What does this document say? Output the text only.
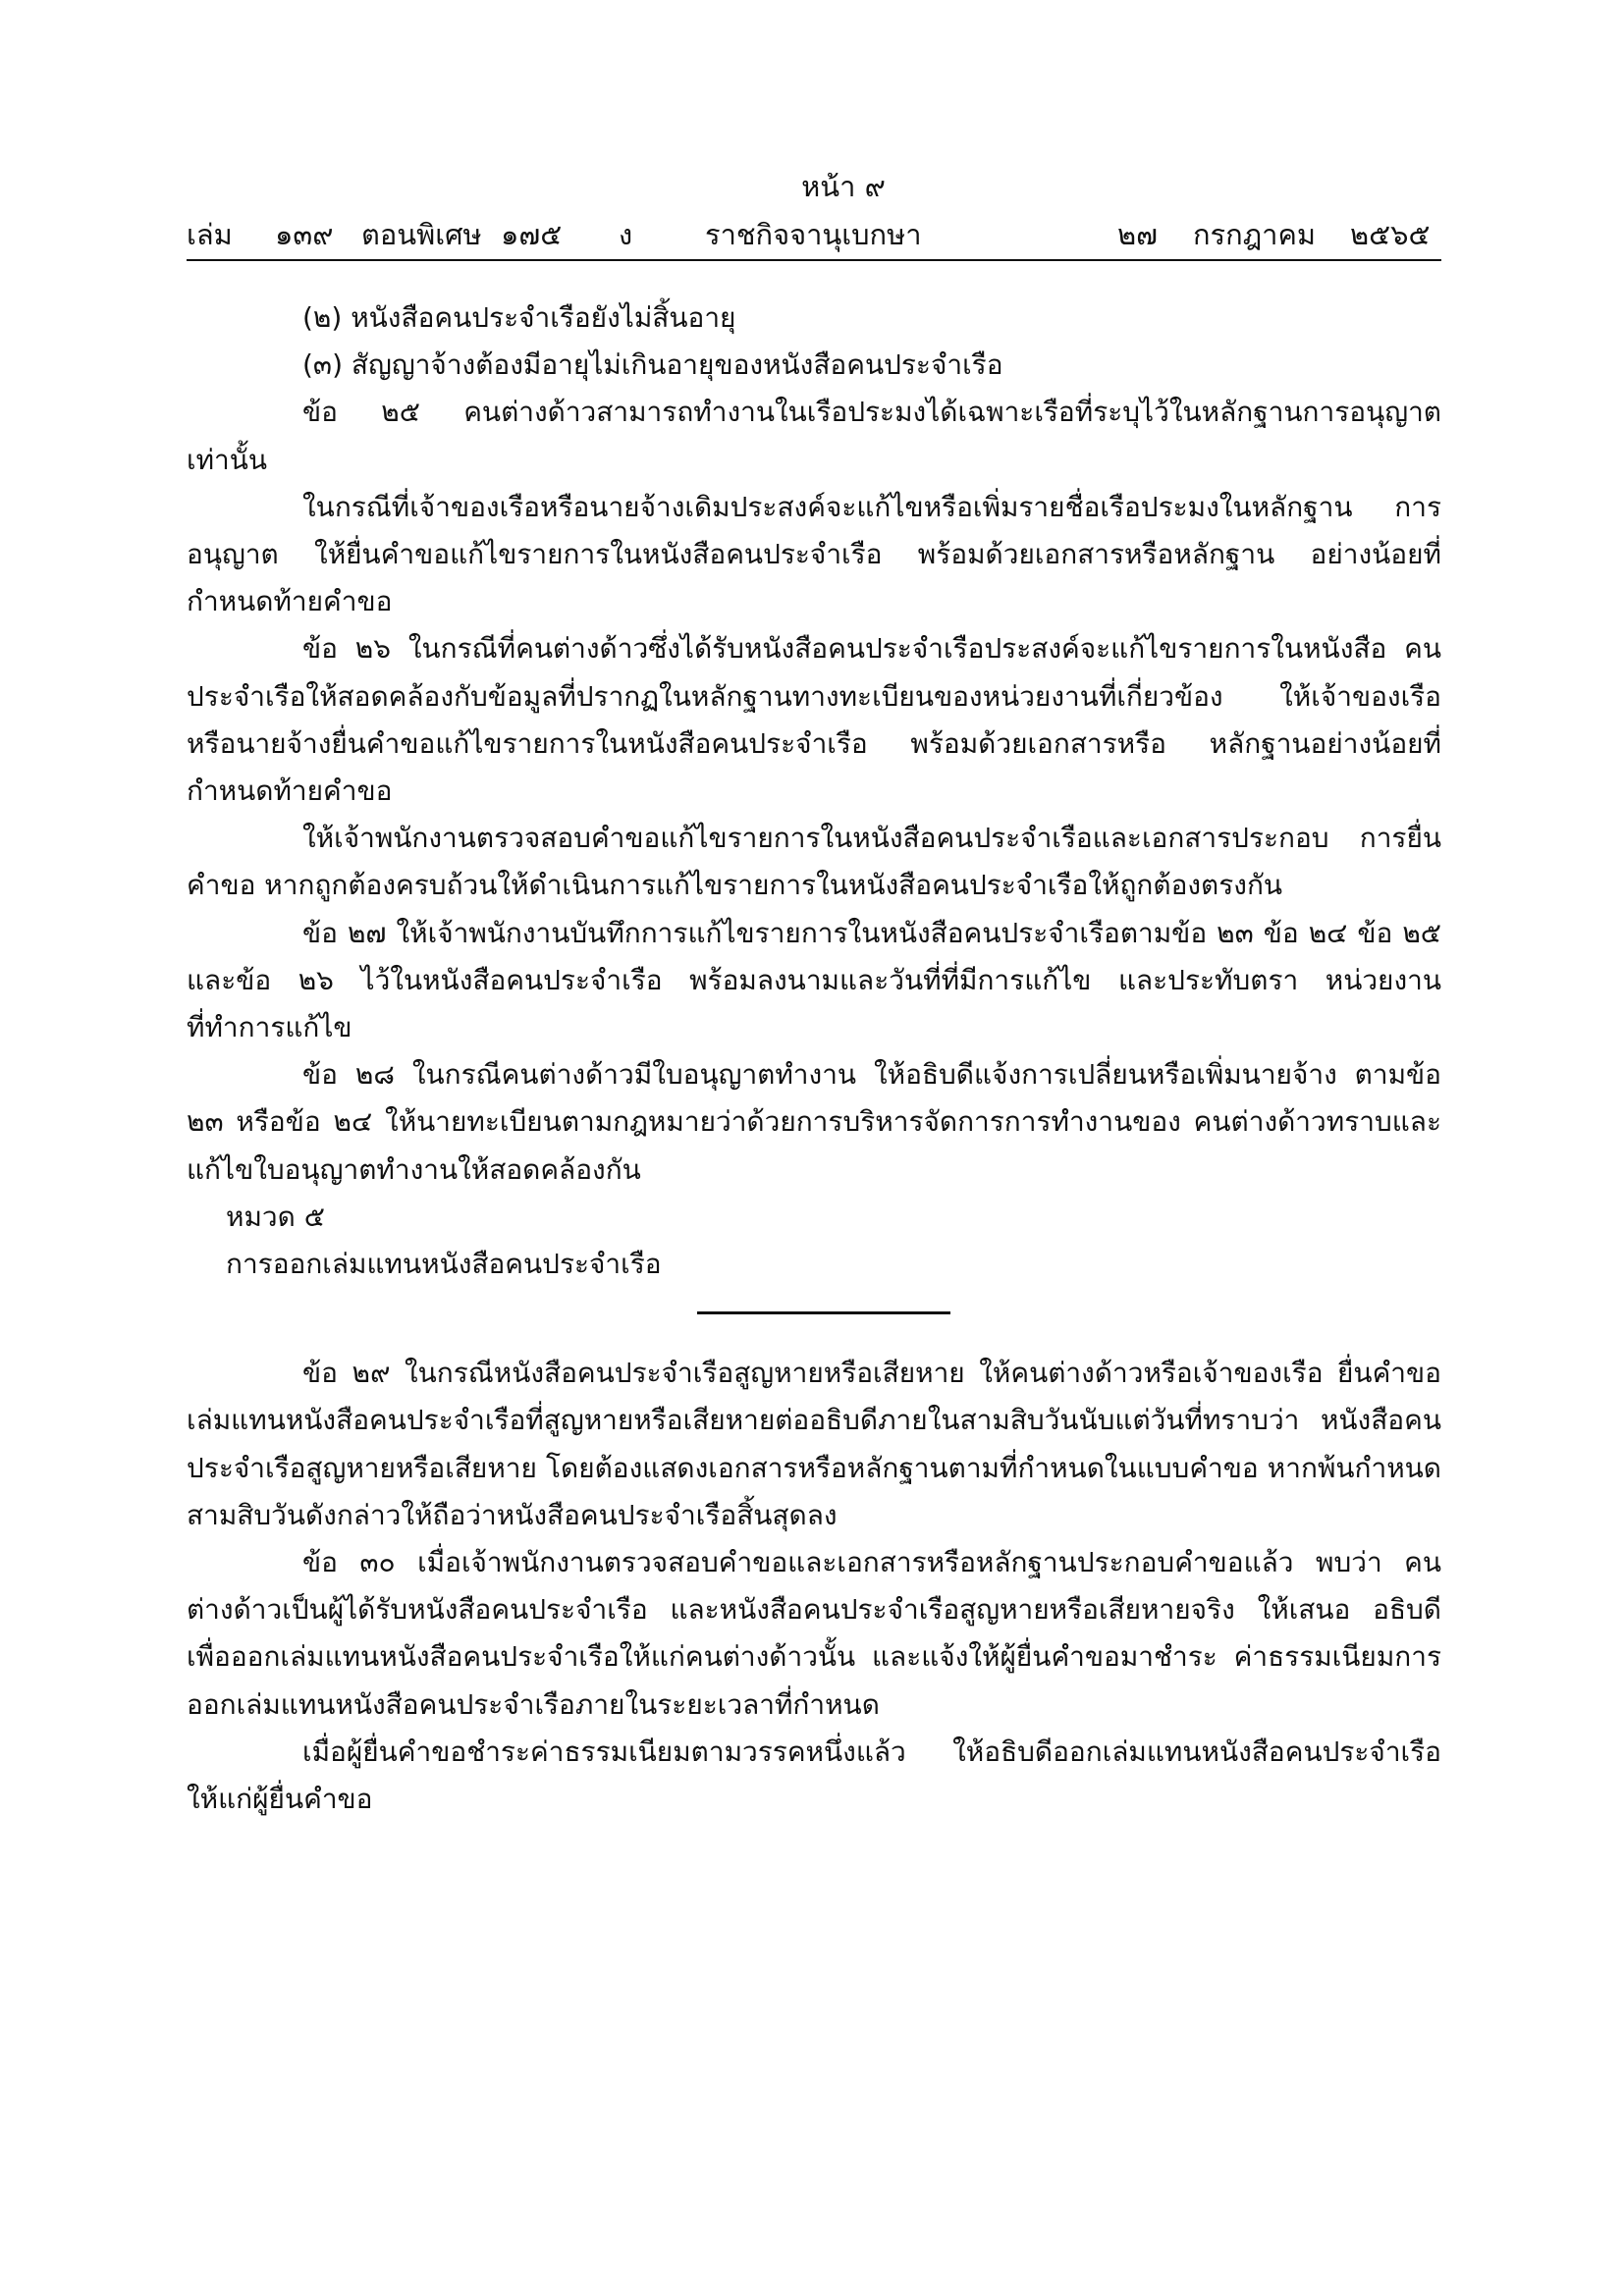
หน้า ๙

เล่ม ๑๓๙ ตอนพิเศษ ๑๗๕ ง	ราชกิจจานุเบกษา	๒๗ กรกฎาคม ๒๕๖๕

(๒) หนังสือคนประจำเรือยังไม่สิ้นอายุ

(๓) สัญญาจ้างต้องมีอายุไม่เกินอายุของหนังสือคนประจำเรือ

ข้อ ๒๕ คนต่างด้าวสามารถทำงานในเรือประมงได้เฉพาะเรือที่ระบุไว้ในหลักฐานการอนุญาต เท่านั้น

ในกรณีที่เจ้าของเรือหรือนายจ้างเดิมประสงค์จะแก้ไขหรือเพิ่มรายชื่อเรือประมงในหลักฐาน การอนุญาต ให้ยื่นคำขอแก้ไขรายการในหนังสือคนประจำเรือ พร้อมด้วยเอกสารหรือหลักฐาน อย่างน้อยที่กำหนดท้ายคำขอ

ข้อ ๒๖ ในกรณีที่คนต่างด้าวซึ่งได้รับหนังสือคนประจำเรือประสงค์จะแก้ไขรายการในหนังสือ คนประจำเรือให้สอดคล้องกับข้อมูลที่ปรากฏในหลักฐานทางทะเบียนของหน่วยงานที่เกี่ยวข้อง ให้เจ้าของเรือหรือนายจ้างยื่นคำขอแก้ไขรายการในหนังสือคนประจำเรือ พร้อมด้วยเอกสารหรือ หลักฐานอย่างน้อยที่กำหนดท้ายคำขอ

ให้เจ้าพนักงานตรวจสอบคำขอแก้ไขรายการในหนังสือคนประจำเรือและเอกสารประกอบ การยื่นคำขอ หากถูกต้องครบถ้วนให้ดำเนินการแก้ไขรายการในหนังสือคนประจำเรือให้ถูกต้องตรงกัน

ข้อ ๒๗ ให้เจ้าพนักงานบันทึกการแก้ไขรายการในหนังสือคนประจำเรือตามข้อ ๒๓ ข้อ ๒๔ ข้อ ๒๕ และข้อ ๒๖ ไว้ในหนังสือคนประจำเรือ พร้อมลงนามและวันที่ที่มีการแก้ไข และประทับตรา หน่วยงานที่ทำการแก้ไข

ข้อ ๒๘ ในกรณีคนต่างด้าวมีใบอนุญาตทำงาน ให้อธิบดีแจ้งการเปลี่ยนหรือเพิ่มนายจ้าง ตามข้อ ๒๓ หรือข้อ ๒๔ ให้นายทะเบียนตามกฎหมายว่าด้วยการบริหารจัดการการทำงานของ คนต่างด้าวทราบและแก้ไขใบอนุญาตทำงานให้สอดคล้องกัน

หมวด ๕

การออกเล่มแทนหนังสือคนประจำเรือ

ข้อ ๒๙ ในกรณีหนังสือคนประจำเรือสูญหายหรือเสียหาย ให้คนต่างด้าวหรือเจ้าของเรือ ยื่นคำขอเล่มแทนหนังสือคนประจำเรือที่สูญหายหรือเสียหายต่ออธิบดีภายในสามสิบวันนับแต่วันที่ทราบว่า หนังสือคนประจำเรือสูญหายหรือเสียหาย โดยต้องแสดงเอกสารหรือหลักฐานตามที่กำหนดในแบบคำขอ หากพ้นกำหนดสามสิบวันดังกล่าวให้ถือว่าหนังสือคนประจำเรือสิ้นสุดลง

ข้อ ๓๐ เมื่อเจ้าพนักงานตรวจสอบคำขอและเอกสารหรือหลักฐานประกอบคำขอแล้ว พบว่า คนต่างด้าวเป็นผู้ได้รับหนังสือคนประจำเรือ และหนังสือคนประจำเรือสูญหายหรือเสียหายจริง ให้เสนอ อธิบดีเพื่อออกเล่มแทนหนังสือคนประจำเรือให้แก่คนต่างด้าวนั้น และแจ้งให้ผู้ยื่นคำขอมาชำระ ค่าธรรมเนียมการออกเล่มแทนหนังสือคนประจำเรือภายในระยะเวลาที่กำหนด

เมื่อผู้ยื่นคำขอชำระค่าธรรมเนียมตามวรรคหนึ่งแล้ว ให้อธิบดีออกเล่มแทนหนังสือคนประจำเรือ ให้แก่ผู้ยื่นคำขอ
